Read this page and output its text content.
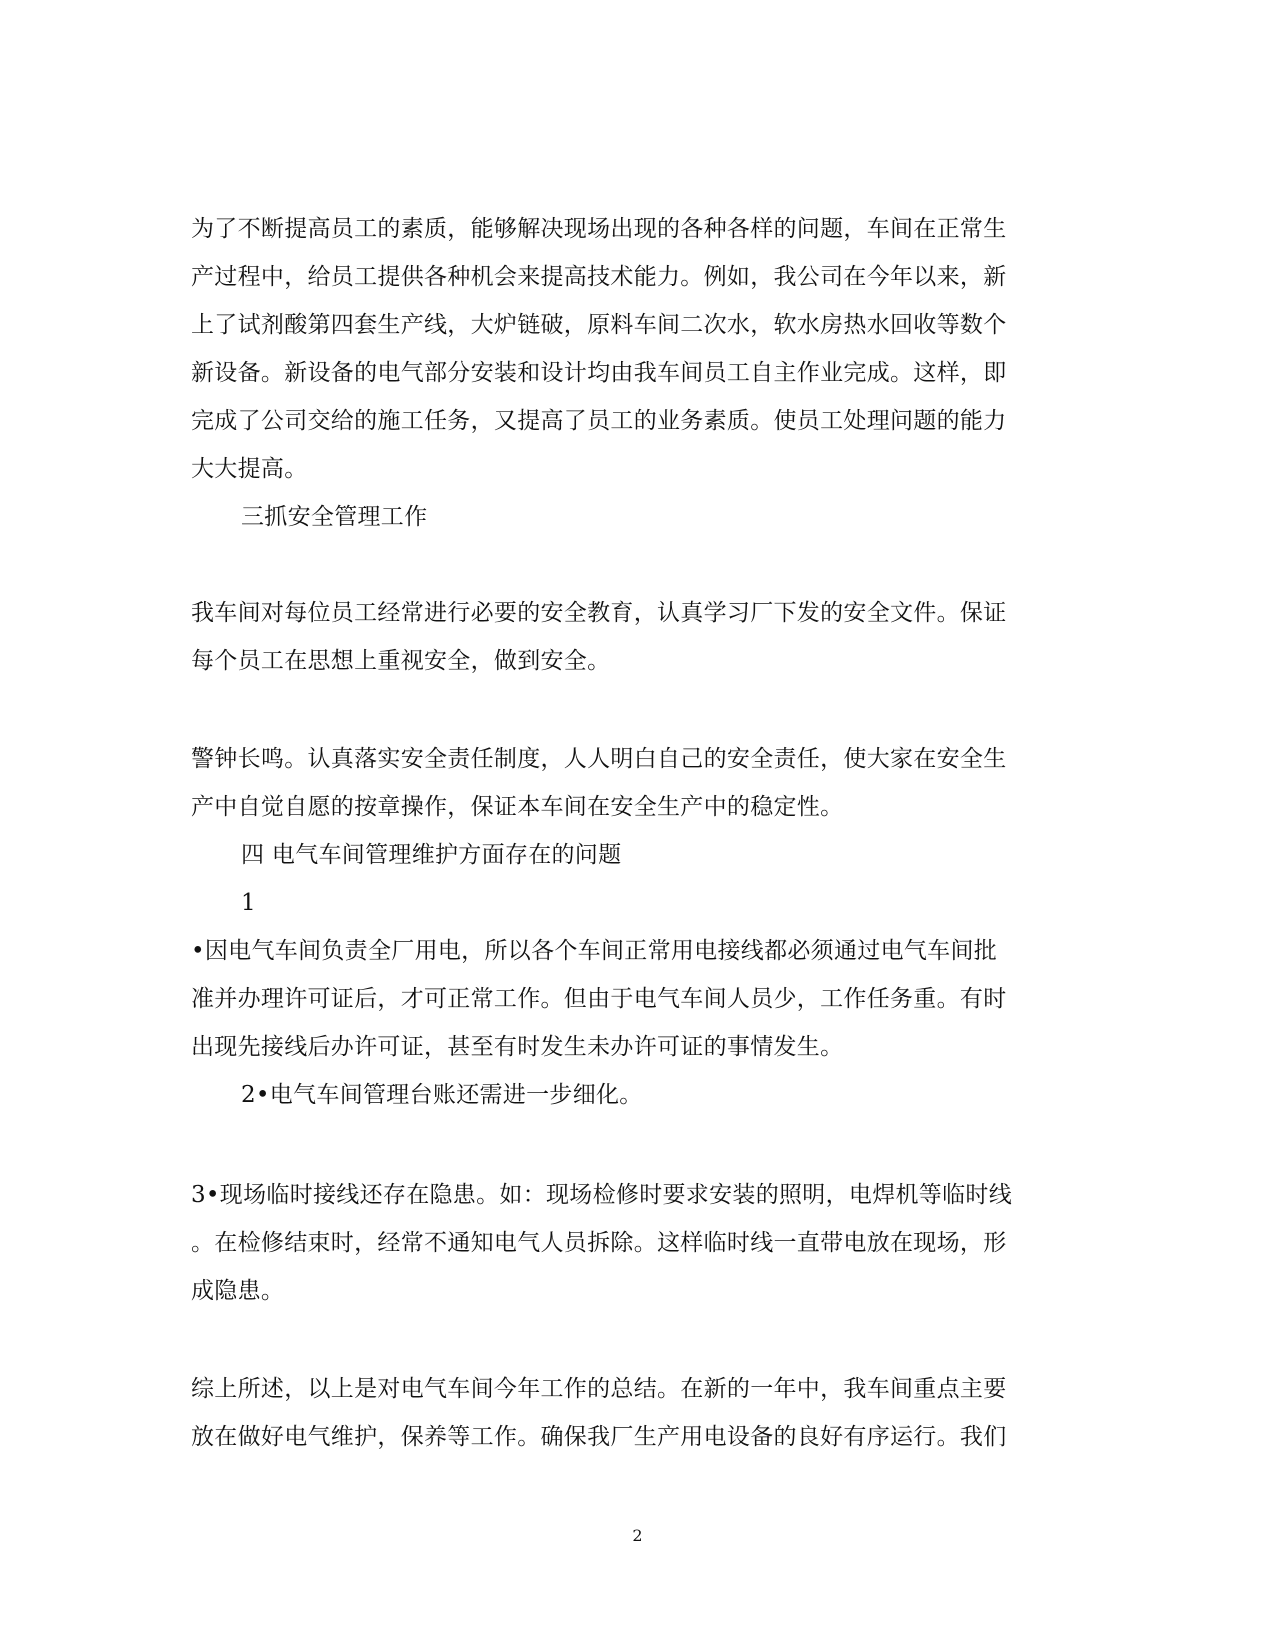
为了不断提高员工的素质，能够解决现场出现的各种各样的问题，车间在正常生
产过程中，给员工提供各种机会来提高技术能力。例如，我公司在今年以来，新
上了试剂酸第四套生产线，大炉链破，原料车间二次水，软水房热水回收等数个
新设备。新设备的电气部分安装和设计均由我车间员工自主作业完成。这样，即
完成了公司交给的施工任务，又提高了员工的业务素质。使员工处理问题的能力
大大提高。
三抓安全管理工作
我车间对每位员工经常进行必要的安全教育，认真学习厂下发的安全文件。保证
每个员工在思想上重视安全，做到安全。
警钟长鸣。认真落实安全责任制度，人人明白自己的安全责任，使大家在安全生
产中自觉自愿的按章操作，保证本车间在安全生产中的稳定性。
四 电气车间管理维护方面存在的问题
1
•因电气车间负责全厂用电，所以各个车间正常用电接线都必须通过电气车间批
准并办理许可证后，才可正常工作。但由于电气车间人员少，工作任务重。有时
出现先接线后办许可证，甚至有时发生未办许可证的事情发生。
2•电气车间管理台账还需进一步细化。
3•现场临时接线还存在隐患。如：现场检修时要求安装的照明，电焊机等临时线
。在检修结束时，经常不通知电气人员拆除。这样临时线一直带电放在现场，形
成隐患。
综上所述，以上是对电气车间今年工作的总结。在新的一年中，我车间重点主要
放在做好电气维护，保养等工作。确保我厂生产用电设备的良好有序运行。我们
2
